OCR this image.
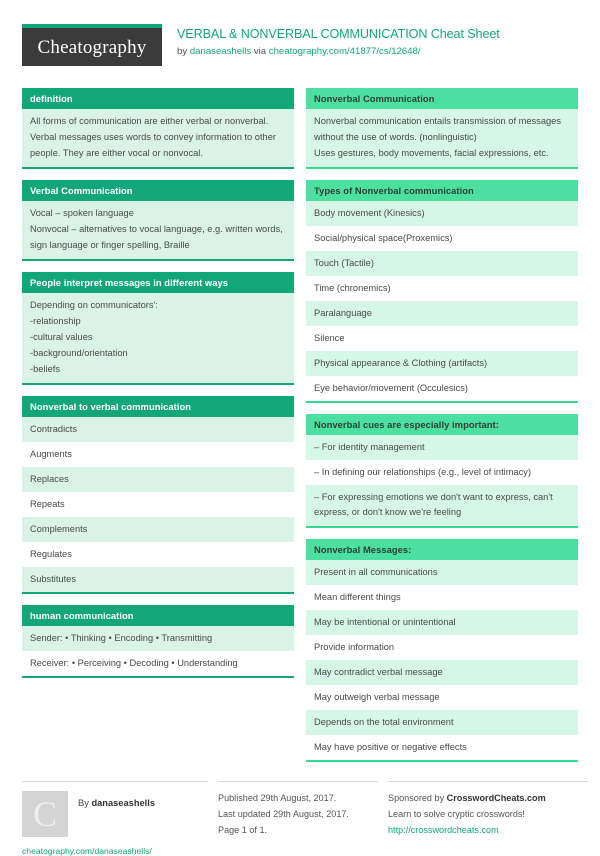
Cheatography
VERBAL & NONVERBAL COMMUNICATION Cheat Sheet
by danaseashells via cheatography.com/41877/cs/12648/
definition
All forms of communication are either verbal or nonverbal.
Verbal messages uses words to convey information to other people. They are either vocal or nonvocal.
Verbal Communication
Vocal – spoken language
Nonvocal – alternatives to vocal language, e.g. written words, sign language or finger spelling, Braille
People interpret messages in different ways
Depending on communicators':
-relationship
-cultural values
-background/orientation
-beliefs
Nonverbal to verbal communication
Contradicts
Augments
Replaces
Repeats
Complements
Regulates
Substitutes
human communication
Sender: • Thinking • Encoding • Transmitting
Receiver: • Perceiving • Decoding • Understanding
Nonverbal Communication
Nonverbal communication entails transmission of messages without the use of words. (nonlinguistic)
Uses gestures, body movements, facial expressions, etc.
Types of Nonverbal communication
Body movement (Kinesics)
Social/physical space(Proxemics)
Touch (Tactile)
Time (chronemics)
Paralanguage
Silence
Physical appearance & Clothing (artifacts)
Eye behavior/movement (Occulesics)
Nonverbal cues are especially important:
– For identity management
– In defining our relationships (e.g., level of intimacy)
– For expressing emotions we don't want to express, can't express, or don't know we're feeling
Nonverbal Messages:
Present in all communications
Mean different things
May be intentional or unintentional
Provide information
May contradict verbal message
May outweigh verbal message
Depends on the total environment
May have positive or negative effects
C	By danaseashells
cheatography.com/danaseashells/
Published 29th August, 2017.
Last updated 29th August, 2017.
Page 1 of 1.
Sponsored by CrosswordCheats.com
Learn to solve cryptic crosswords!
http://crosswordcheats.com
